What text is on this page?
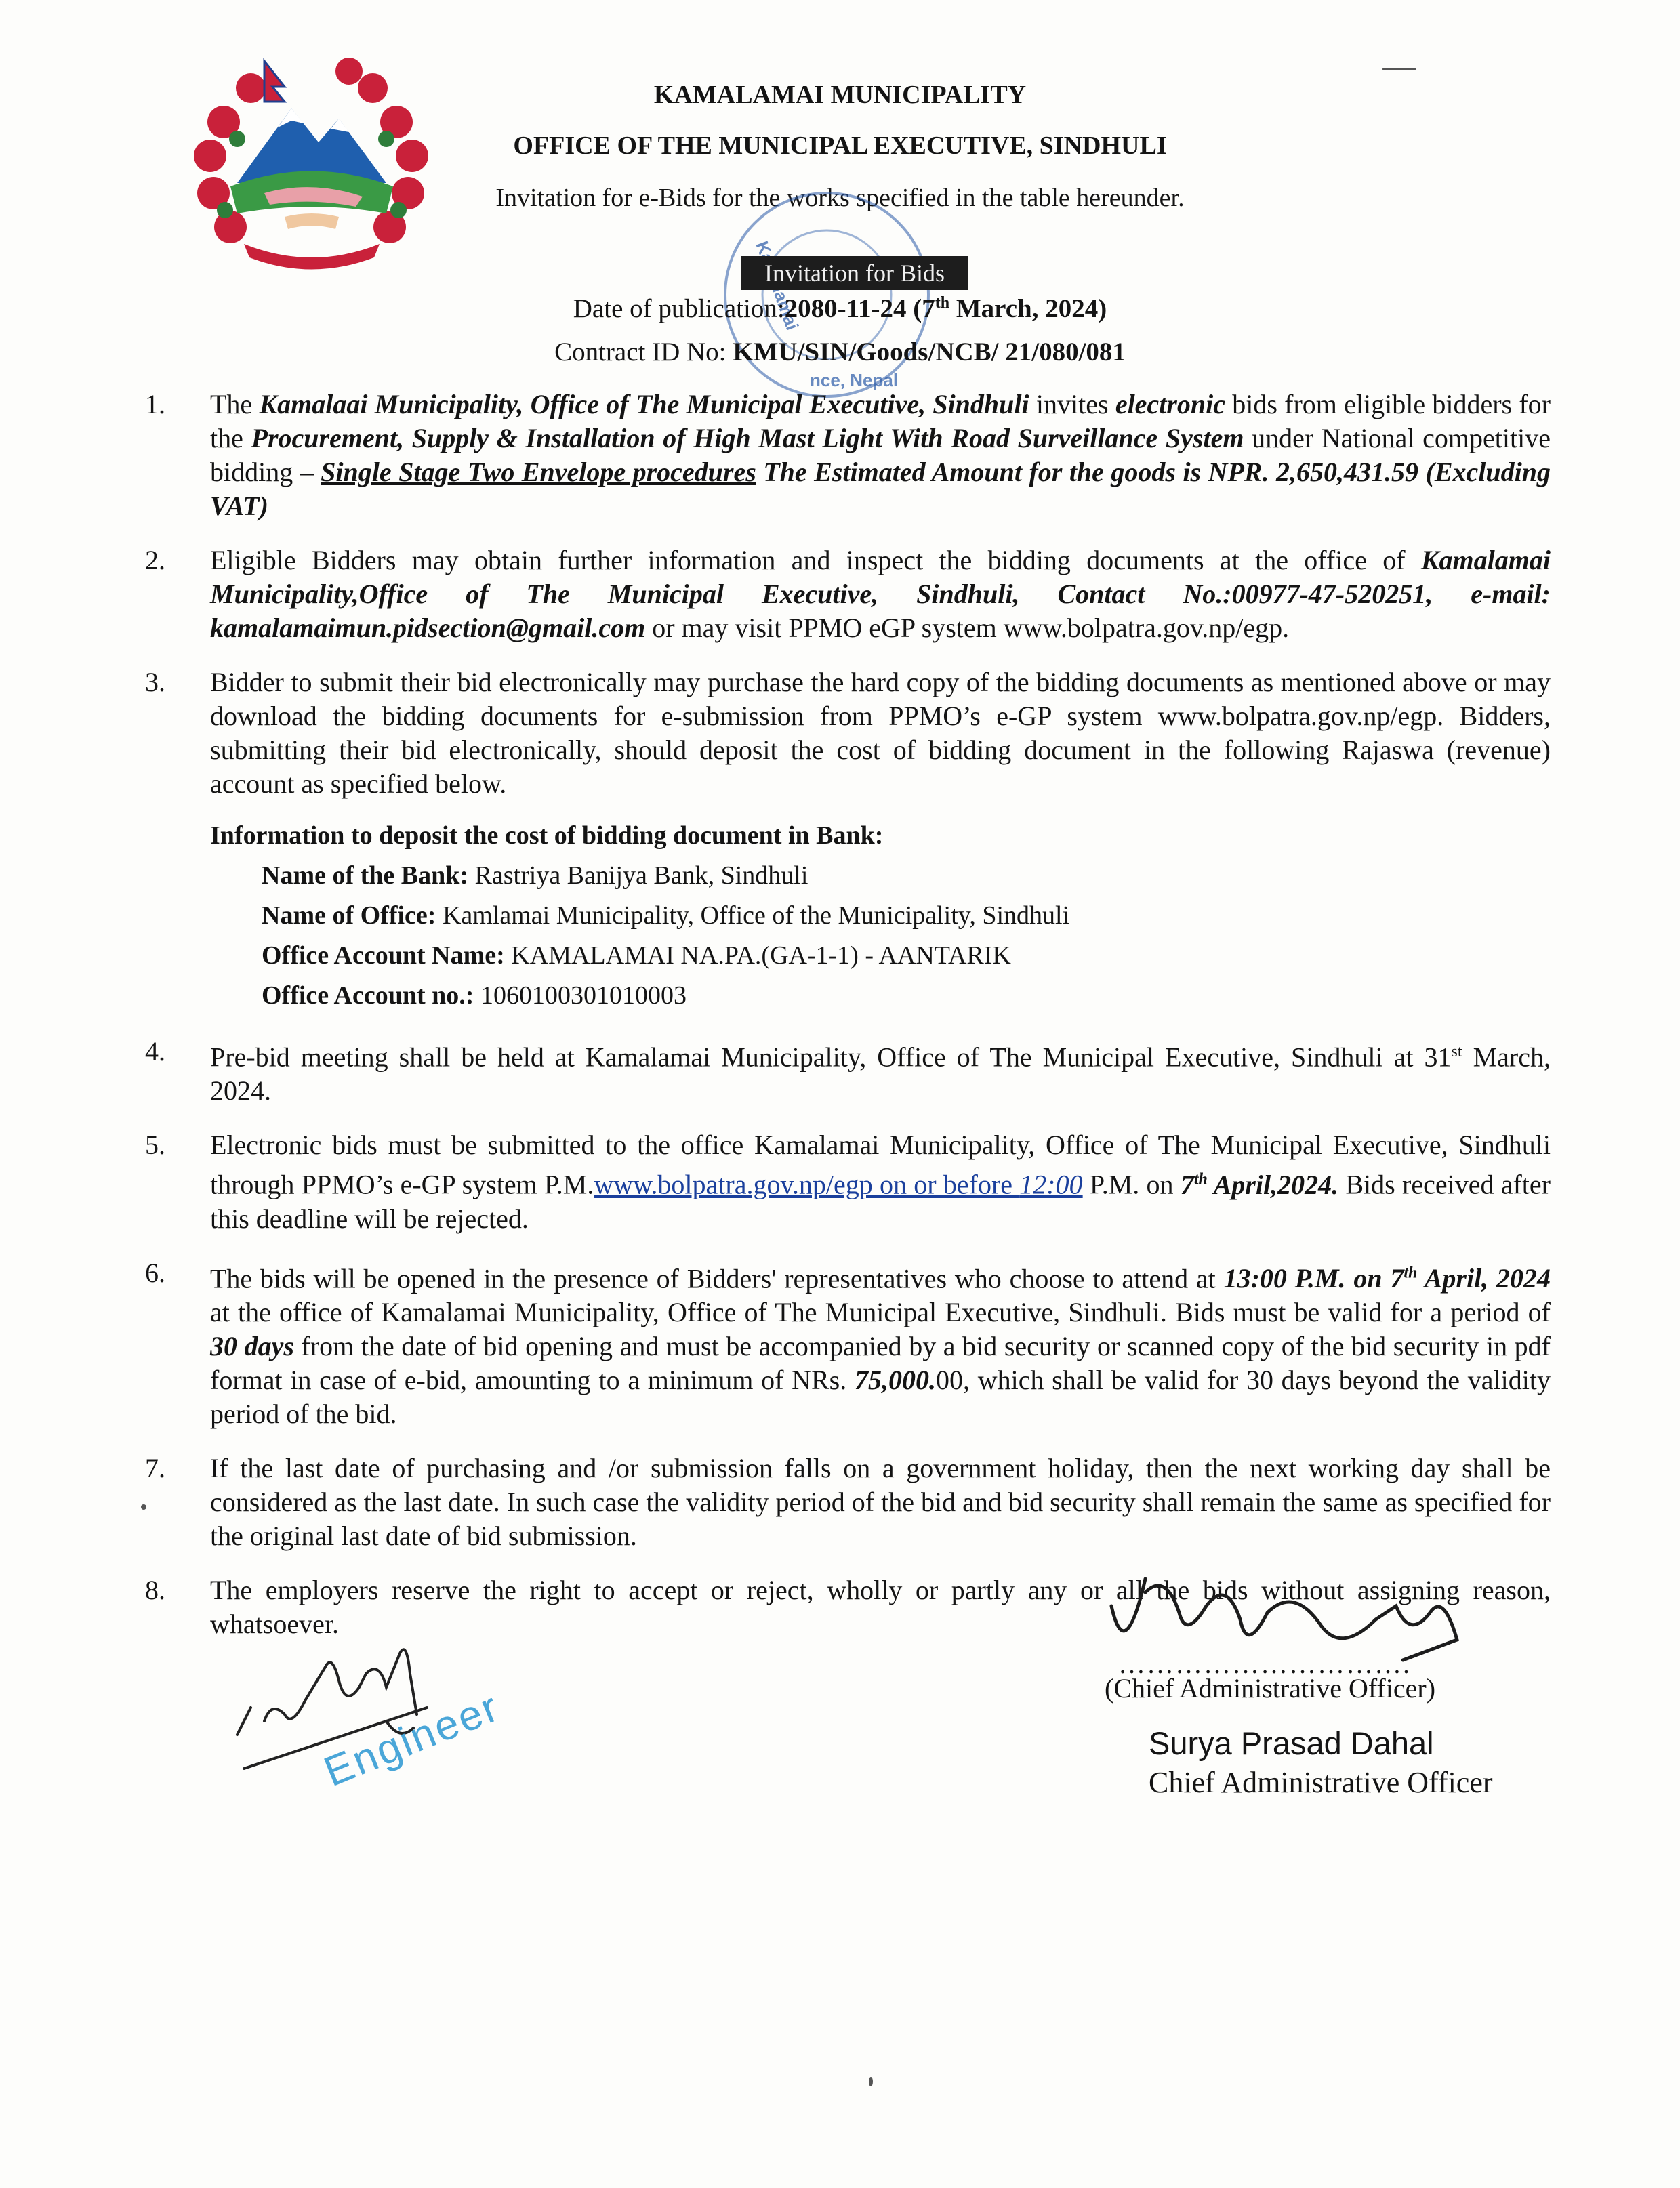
KAMALAMAI MUNICIPALITY
OFFICE OF THE MUNICIPAL EXECUTIVE, SINDHULI
Invitation for e-Bids for the works specified in the table hereunder.
nce, Nepal
Invitation for Bids
Date of publication:2080-11-24 (7th March, 2024)
Contract ID No: KMU/SIN/Goods/NCB/ 21/080/081
1.	The Kamalaai Municipality, Office of The Municipal Executive, Sindhuli invites electronic bids from eligible bidders for the Procurement, Supply & Installation of High Mast Light With Road Surveillance System under National competitive bidding – Single Stage Two Envelope procedures The Estimated Amount for the goods is NPR. 2,650,431.59 (Excluding VAT)
2.	Eligible Bidders may obtain further information and inspect the bidding documents at the office of Kamalamai Municipality,Office of The Municipal Executive, Sindhuli, Contact No.:00977-47-520251, e-mail: kamalamaimun.pidsection@gmail.com or may visit PPMO eGP system www.bolpatra.gov.np/egp.
3.	Bidder to submit their bid electronically may purchase the hard copy of the bidding documents as mentioned above or may download the bidding documents for e-submission from PPMO’s e-GP system www.bolpatra.gov.np/egp. Bidders, submitting their bid electronically, should deposit the cost of bidding document in the following Rajaswa (revenue) account as specified below.
Information to deposit the cost of bidding document in Bank:
Name of the Bank: Rastriya Banijya Bank, Sindhuli
Name of Office: Kamlamai Municipality, Office of the Municipality, Sindhuli
Office Account Name: KAMALAMAI NA.PA.(GA-1-1) - AANTARIK
Office Account no.: 1060100301010003
4.	Pre-bid meeting shall be held at Kamalamai Municipality, Office of The Municipal Executive, Sindhuli at 31st March, 2024.
5.	Electronic bids must be submitted to the office Kamalamai Municipality, Office of The Municipal Executive, Sindhuli through PPMO’s e-GP system P.M.www.bolpatra.gov.np/egp on or before 12:00 P.M. on 7th April,2024. Bids received after this deadline will be rejected.
6.	The bids will be opened in the presence of Bidders' representatives who choose to attend at 13:00 P.M. on 7th April, 2024 at the office of Kamalamai Municipality, Office of The Municipal Executive, Sindhuli. Bids must be valid for a period of 30 days from the date of bid opening and must be accompanied by a bid security or scanned copy of the bid security in pdf format in case of e-bid, amounting to a minimum of NRs. 75,000.00, which shall be valid for 30 days beyond the validity period of the bid.
7.	If the last date of purchasing and /or submission falls on a government holiday, then the next working day shall be considered as the last date. In such case the validity period of the bid and bid security shall remain the same as specified for the original last date of bid submission.
8.	The employers reserve the right to accept or reject, wholly or partly any or all the bids without assigning reason, whatsoever.
Engineer
………………………….
(Chief Administrative Officer)
Surya Prasad Dahal
Chief Administrative Officer
